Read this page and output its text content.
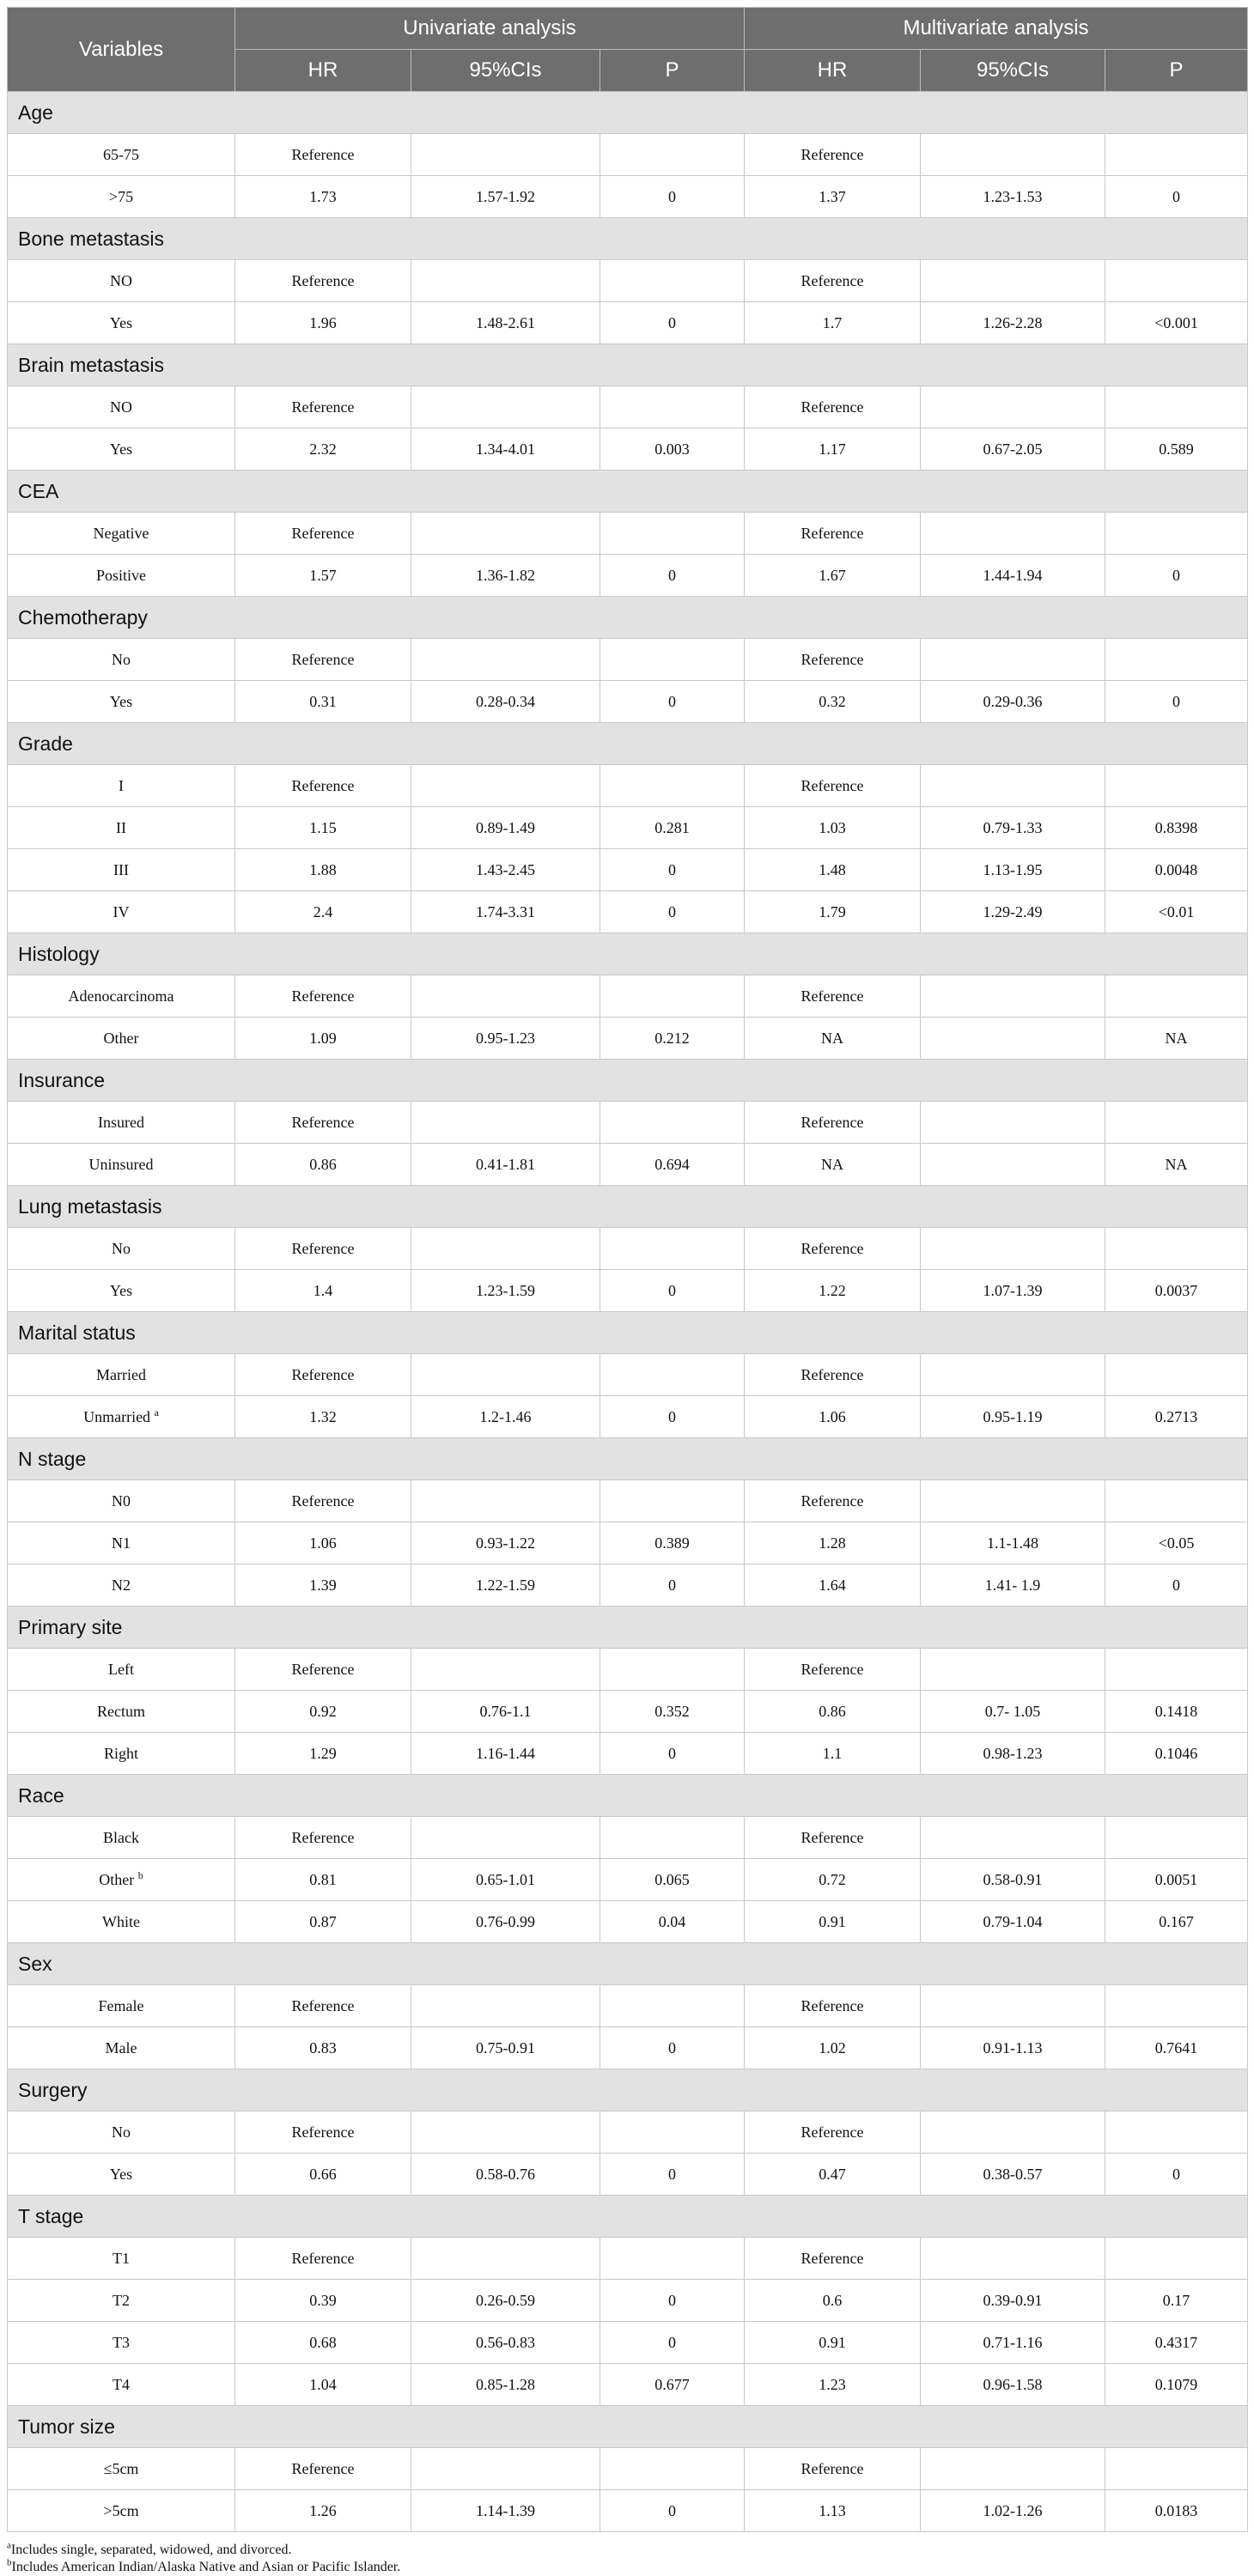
Variables	Univariate analysis			Multivariate analysis		
	HR	95%CIs	P	HR	95%CIs	P
Age						
65-75	Reference			Reference		
>75	1.73	1.57-1.92	0	1.37	1.23-1.53	0
Bone metastasis						
NO	Reference			Reference		
Yes	1.96	1.48-2.61	0	1.7	1.26-2.28	<0.001
Brain metastasis						
NO	Reference			Reference		
Yes	2.32	1.34-4.01	0.003	1.17	0.67-2.05	0.589
CEA						
Negative	Reference			Reference		
Positive	1.57	1.36-1.82	0	1.67	1.44-1.94	0
Chemotherapy						
No	Reference			Reference		
Yes	0.31	0.28-0.34	0	0.32	0.29-0.36	0
Grade						
I	Reference			Reference		
II	1.15	0.89-1.49	0.281	1.03	0.79-1.33	0.8398
III	1.88	1.43-2.45	0	1.48	1.13-1.95	0.0048
IV	2.4	1.74-3.31	0	1.79	1.29-2.49	<0.01
Histology						
Adenocarcinoma	Reference			Reference		
Other	1.09	0.95-1.23	0.212	NA		NA
Insurance						
Insured	Reference			Reference		
Uninsured	0.86	0.41-1.81	0.694	NA		NA
Lung metastasis						
No	Reference			Reference		
Yes	1.4	1.23-1.59	0	1.22	1.07-1.39	0.0037
Marital status						
Married	Reference			Reference		
Unmarried $^a$	1.32	1.2-1.46	0	1.06	0.95-1.19	0.2713
N stage						
N0	Reference			Reference		
N1	1.06	0.93-1.22	0.389	1.28	1.1-1.48	<0.05
N2	1.39	1.22-1.59	0	1.64	1.41- 1.9	0
Primary site						
Left	Reference			Reference		
Rectum	0.92	0.76-1.1	0.352	0.86	0.7- 1.05	0.1418
Right	1.29	1.16-1.44	0	1.1	0.98-1.23	0.1046
Race						
Black	Reference			Reference		
Other $^b$	0.81	0.65-1.01	0.065	0.72	0.58-0.91	0.0051
White	0.87	0.76-0.99	0.04	0.91	0.79-1.04	0.167
Sex						
Female	Reference			Reference		
Male	0.83	0.75-0.91	0	1.02	0.91-1.13	0.7641
Surgery						
No	Reference			Reference		
Yes	0.66	0.58-0.76	0	0.47	0.38-0.57	0
T stage						
T1	Reference			Reference		
T2	0.39	0.26-0.59	0	0.6	0.39-0.91	0.17
T3	0.68	0.56-0.83	0	0.91	0.71-1.16	0.4317
T4	1.04	0.85-1.28	0.677	1.23	0.96-1.58	0.1079
Tumor size						
≤5cm	Reference			Reference		
>5cm	1.26	1.14-1.39	0	1.13	1.02-1.26	0.0183
$^a$Includes single, separated, widowed, and divorced.
$^b$Includes American Indian/Alaska Native and Asian or Pacific Islander.
